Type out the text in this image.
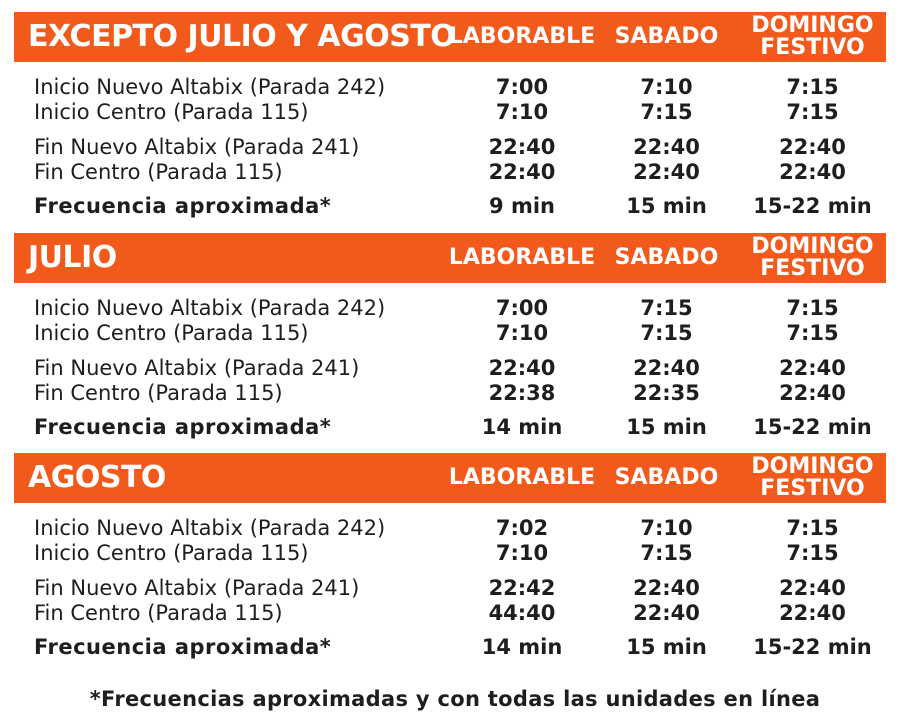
EXCEPTO JULIO Y AGOSTO
LABORABLE SABADO DOMINGO
FESTIVO
Inicio Nuevo Altabix (Parada 242)	7:00	7:10	7:15
Inicio Centro (Parada 115)	7:10	7:15	7:15
Fin Nuevo Altabix (Parada 241)	22:40	22:40	22:40
Fin Centro (Parada 115)	22:40	22:40	22:40
Frecuencia aproximada*	9 min	15 min	15-22 min
JULIO	LABORABLE SABADO DOMINGO
FESTIVO
Inicio Nuevo Altabix (Parada 242)	7:00	7:15	7:15
Inicio Centro (Parada 115)	7:10	7:15	7:15
Fin Nuevo Altabix (Parada 241)	22:40	22:40	22:40
Fin Centro (Parada 115)	22:38	22:35	22:40
Frecuencia aproximada*	14 min	15 min	15-22 min
AGOSTO	LABORABLE SABADO DOMINGO
FESTIVO
Inicio Nuevo Altabix (Parada 242)	7:02	7:10	7:15
Inicio Centro (Parada 115)	7:10	7:15	7:15
Fin Nuevo Altabix (Parada 241)	22:42	22:40	22:40
Fin Centro (Parada 115)	44:40	22:40	22:40
Frecuencia aproximada*	14 min	15 min	15-22 min
*Frecuencias aproximadas y con todas las unidades en línea
